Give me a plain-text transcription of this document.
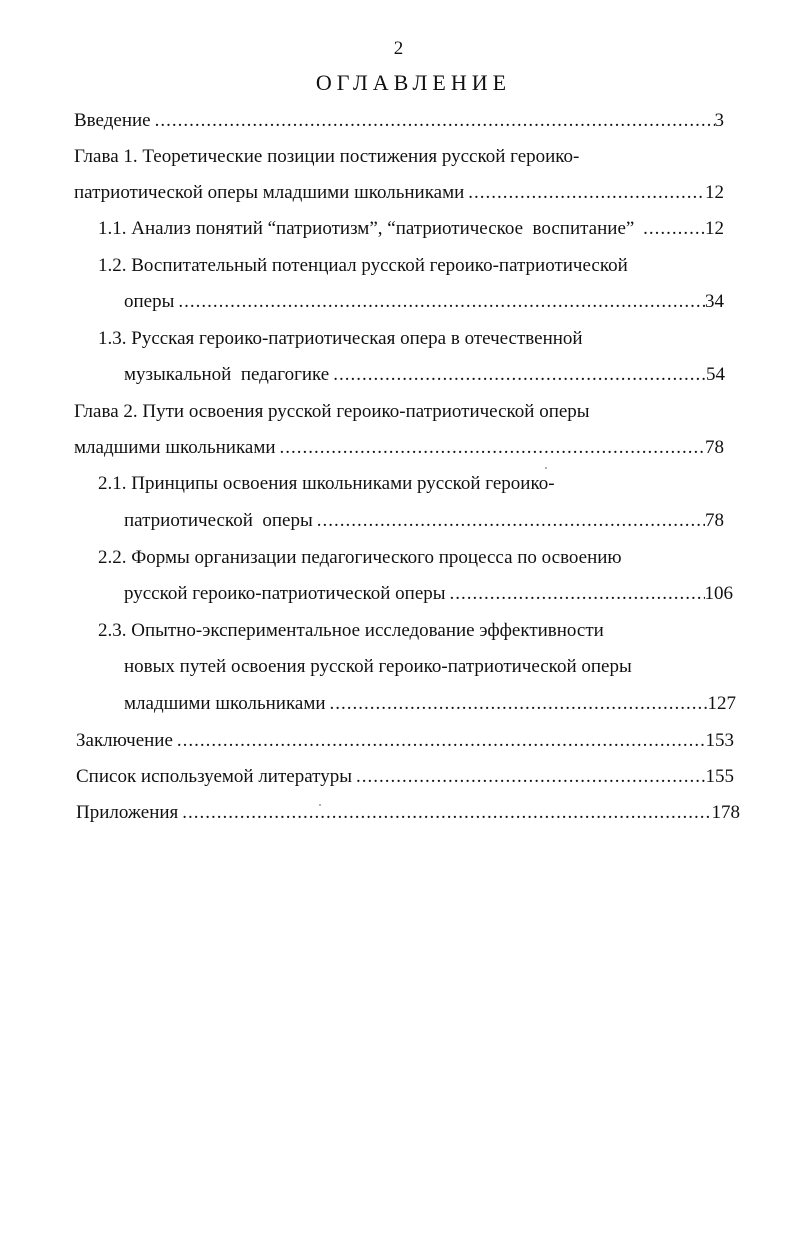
2
ОГЛАВЛЕНИЕ
Введение .....	3
Глава 1. Теоретические позиции постижения русской героико-
патриотической оперы младшими школьниками .....	12
1.1. Анализ понятий “патриотизм”, “патриотическое  воспитание” .....	12
1.2. Воспитательный потенциал русской героико-патриотической
оперы .....	34
1.3. Русская героико-патриотическая опера в отечественной
музыкальной  педагогике .....	54
Глава 2. Пути освоения русской героико-патриотической оперы
младшими школьниками .....	78
2.1. Принципы освоения школьниками русской героико-
патриотической  оперы .....	78
2.2. Формы организации педагогического процесса по освоению
русской героико-патриотической оперы .....	106
2.3. Опытно-экспериментальное исследование эффективности
новых путей освоения русской героико-патриотической оперы
младшими школьниками .....	127
Заключение .....	153
Список используемой литературы .....	155
Приложения .....	178
